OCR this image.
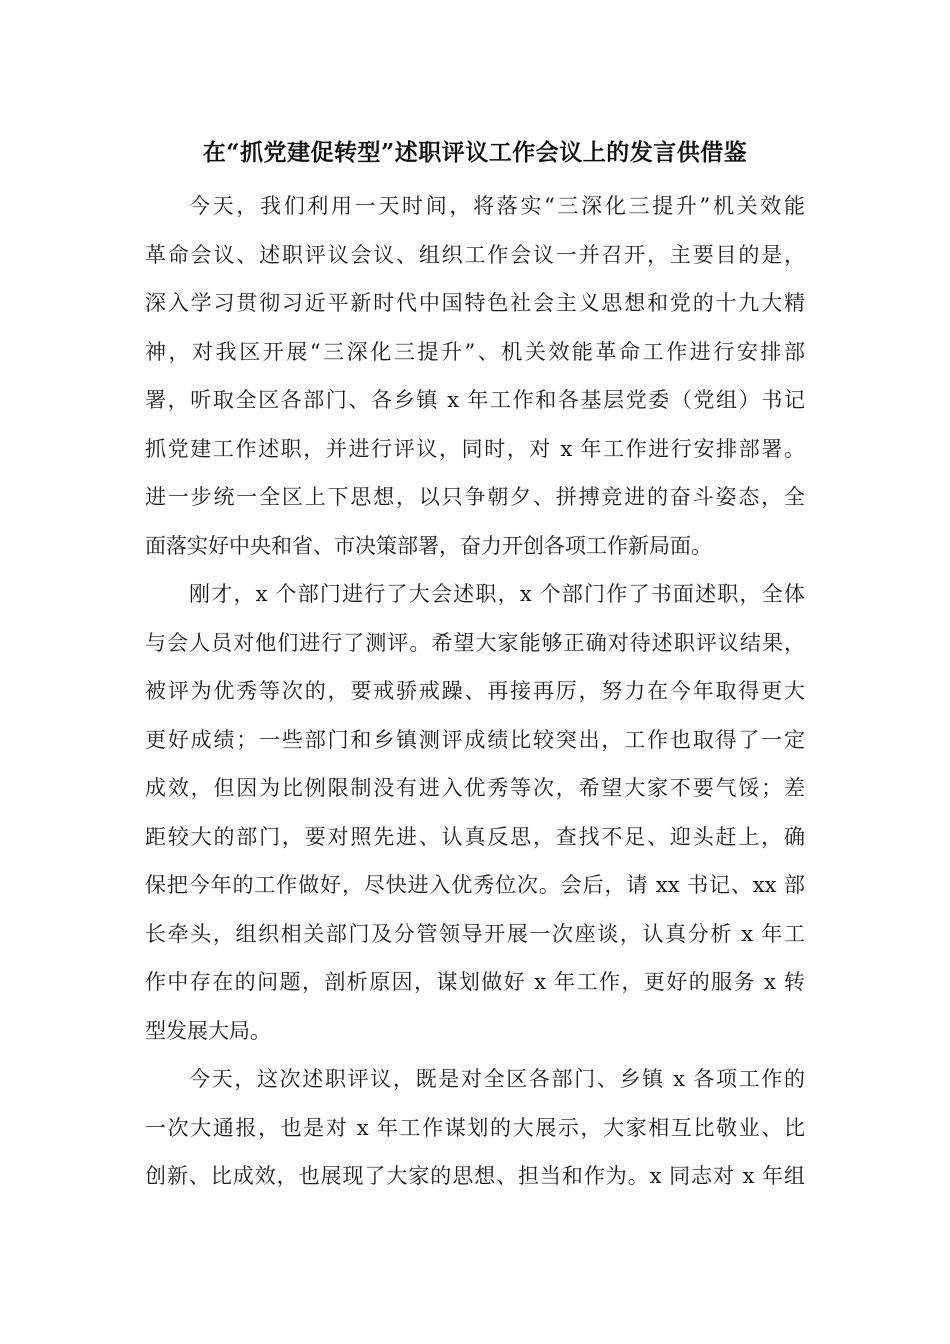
在“抓党建促转型”述职评议工作会议上的发言供借鉴

今天，我们利用一天时间，将落实“三深化三提升”机关效能
革命会议、述职评议会议、组织工作会议一并召开，主要目的是，
深入学习贯彻习近平新时代中国特色社会主义思想和党的十九大精
神，对我区开展“三深化三提升”、机关效能革命工作进行安排部
署，听取全区各部门、各乡镇 x 年工作和各基层党委（党组）书记
抓党建工作述职，并进行评议，同时，对 x 年工作进行安排部署。
进一步统一全区上下思想，以只争朝夕、拼搏竞进的奋斗姿态，全
面落实好中央和省、市决策部署，奋力开创各项工作新局面。

刚才，x 个部门进行了大会述职，x 个部门作了书面述职，全体
与会人员对他们进行了测评。希望大家能够正确对待述职评议结果，
被评为优秀等次的，要戒骄戒躁、再接再厉，努力在今年取得更大
更好成绩；一些部门和乡镇测评成绩比较突出，工作也取得了一定
成效，但因为比例限制没有进入优秀等次，希望大家不要气馁；差
距较大的部门，要对照先进、认真反思，查找不足、迎头赶上，确
保把今年的工作做好，尽快进入优秀位次。会后，请 xx 书记、xx 部
长牵头，组织相关部门及分管领导开展一次座谈，认真分析 x 年工
作中存在的问题，剖析原因，谋划做好 x 年工作，更好的服务 x 转
型发展大局。

今天，这次述职评议，既是对全区各部门、乡镇 x 各项工作的
一次大通报，也是对 x 年工作谋划的大展示，大家相互比敬业、比
创新、比成效，也展现了大家的思想、担当和作为。x 同志对 x 年组
